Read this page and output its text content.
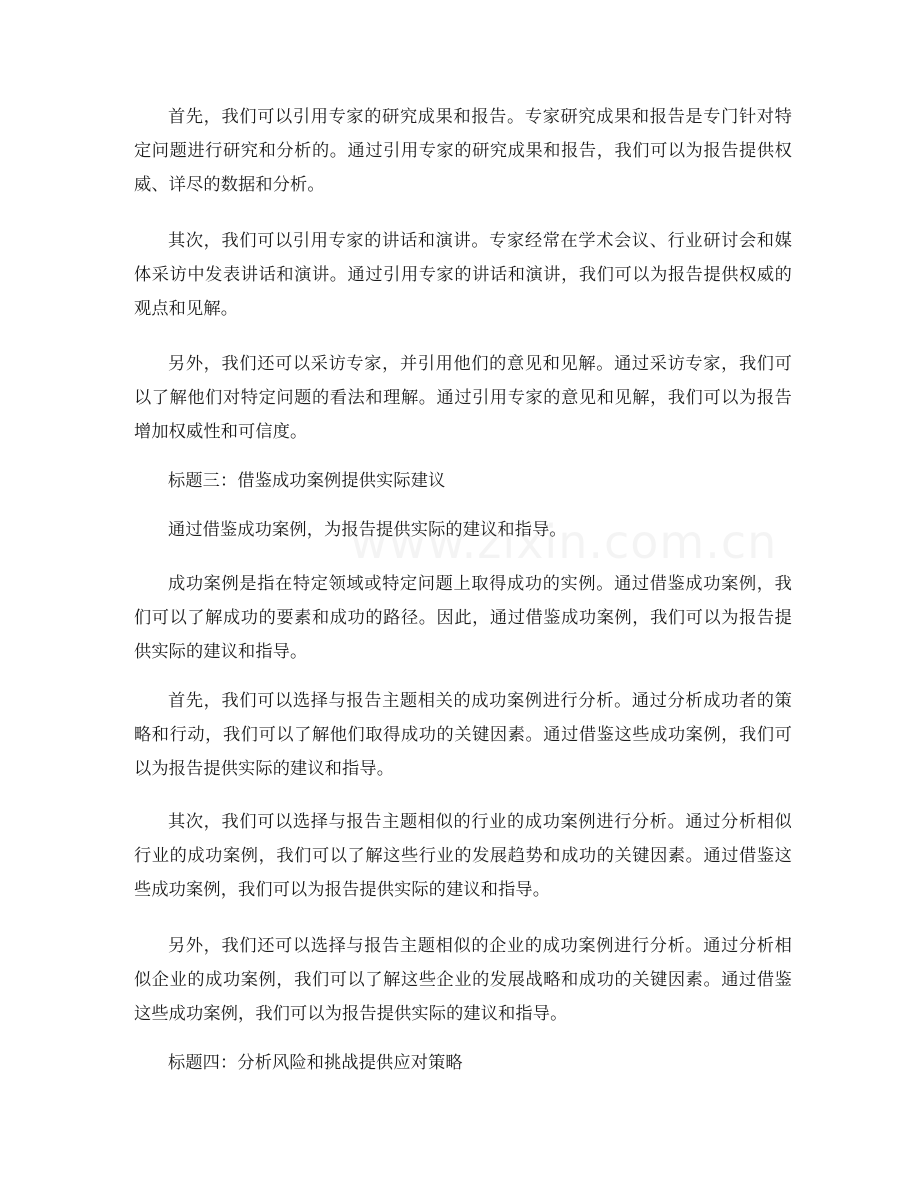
首先，我们可以引用专家的研究成果和报告。专家研究成果和报告是专门针对特定问题进行研究和分析的。通过引用专家的研究成果和报告，我们可以为报告提供权威、详尽的数据和分析。

其次，我们可以引用专家的讲话和演讲。专家经常在学术会议、行业研讨会和媒体采访中发表讲话和演讲。通过引用专家的讲话和演讲，我们可以为报告提供权威的观点和见解。

另外，我们还可以采访专家，并引用他们的意见和见解。通过采访专家，我们可以了解他们对特定问题的看法和理解。通过引用专家的意见和见解，我们可以为报告增加权威性和可信度。

标题三：借鉴成功案例提供实际建议

通过借鉴成功案例，为报告提供实际的建议和指导。

成功案例是指在特定领域或特定问题上取得成功的实例。通过借鉴成功案例，我们可以了解成功的要素和成功的路径。因此，通过借鉴成功案例，我们可以为报告提供实际的建议和指导。

首先，我们可以选择与报告主题相关的成功案例进行分析。通过分析成功者的策略和行动，我们可以了解他们取得成功的关键因素。通过借鉴这些成功案例，我们可以为报告提供实际的建议和指导。

其次，我们可以选择与报告主题相似的行业的成功案例进行分析。通过分析相似行业的成功案例，我们可以了解这些行业的发展趋势和成功的关键因素。通过借鉴这些成功案例，我们可以为报告提供实际的建议和指导。

另外，我们还可以选择与报告主题相似的企业的成功案例进行分析。通过分析相似企业的成功案例，我们可以了解这些企业的发展战略和成功的关键因素。通过借鉴这些成功案例，我们可以为报告提供实际的建议和指导。

标题四：分析风险和挑战提供应对策略
